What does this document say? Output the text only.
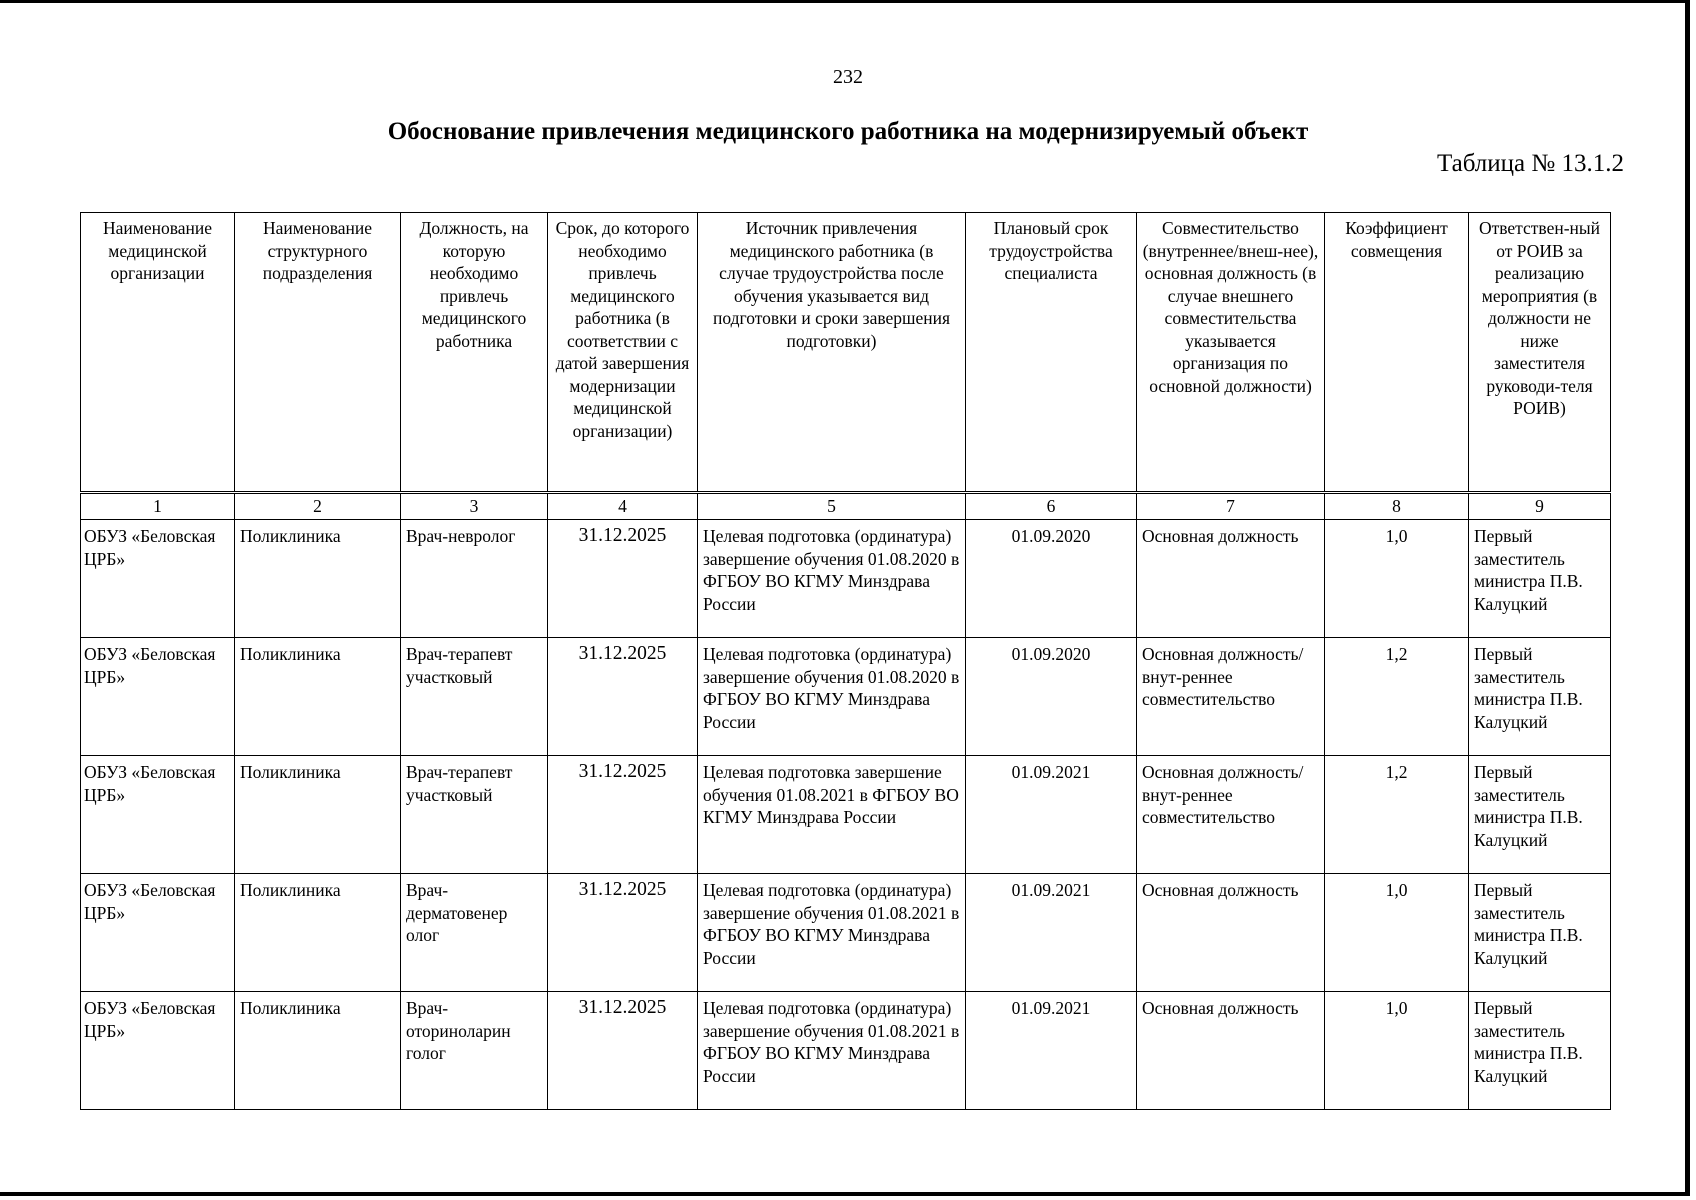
232
Обоснование привлечения медицинского работника на модернизируемый объект
Таблица № 13.1.2
Наименование медицинской организации	Наименование структурного подразделения	Должность, на которую необходимо привлечь медицинского работника	Срок, до которого необходимо привлечь медицинского работника (в соответствии с датой завершения модернизации медицинской организации)	Источник привлечения медицинского работника (в случае трудоустройства после обучения указывается вид подготовки и сроки завершения подготовки)	Плановый срок трудоустройства специалиста	Совместительство (внутреннее/внеш-нее), основная должность (в случае внешнего совместительства указывается организация по основной должности)	Коэффициент совмещения	Ответствен-ный от РОИВ за реализацию мероприятия (в должности не ниже заместителя руководи-теля РОИВ)
1	2	3	4	5	6	7	8	9
ОБУЗ «Беловская ЦРБ»	Поликлиника	Врач-невролог	31.12.2025	Целевая подготовка (ординатура) завершение обучения 01.08.2020 в ФГБОУ ВО КГМУ Минздрава России	01.09.2020	Основная должность	1,0	Первый заместитель министра П.В. Калуцкий
ОБУЗ «Беловская ЦРБ»	Поликлиника	Врач-терапевт участковый	31.12.2025	Целевая подготовка (ординатура) завершение обучения 01.08.2020 в ФГБОУ ВО КГМУ Минздрава России	01.09.2020	Основная должность/внут-реннее совместительство	1,2	Первый заместитель министра П.В. Калуцкий
ОБУЗ «Беловская ЦРБ»	Поликлиника	Врач-терапевт участковый	31.12.2025	Целевая подготовка завершение обучения 01.08.2021 в ФГБОУ ВО КГМУ Минздрава России	01.09.2021	Основная должность/внут-реннее совместительство	1,2	Первый заместитель министра П.В. Калуцкий
ОБУЗ «Беловская ЦРБ»	Поликлиника	Врач-дерматовенер олог	31.12.2025	Целевая подготовка (ординатура) завершение обучения 01.08.2021 в ФГБОУ ВО КГМУ Минздрава России	01.09.2021	Основная должность	1,0	Первый заместитель министра П.В. Калуцкий
ОБУЗ «Беловская ЦРБ»	Поликлиника	Врач-оториноларин голог	31.12.2025	Целевая подготовка (ординатура) завершение обучения 01.08.2021 в ФГБОУ ВО КГМУ Минздрава России	01.09.2021	Основная должность	1,0	Первый заместитель министра П.В. Калуцкий
